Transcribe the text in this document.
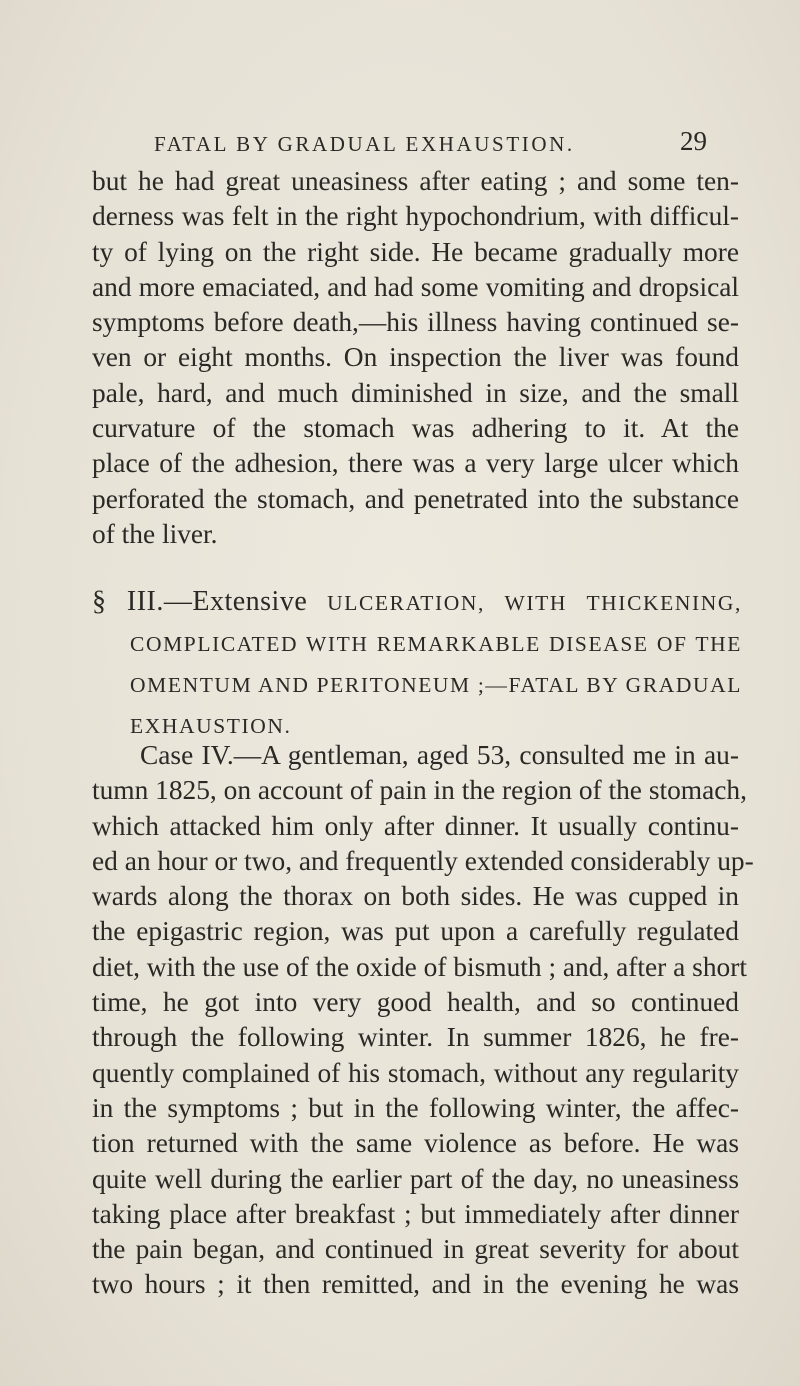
FATAL BY GRADUAL EXHAUSTION.	29
but he had great uneasiness after eating ; and some ten-
derness was felt in the right hypochondrium, with difficul-
ty of lying on the right side. He became gradually more
and more emaciated, and had some vomiting and dropsical
symptoms before death,—his illness having continued se-
ven or eight months. On inspection the liver was found
pale, hard, and much diminished in size, and the small
curvature of the stomach was adhering to it. At the
place of the adhesion, there was a very large ulcer which
perforated the stomach, and penetrated into the substance
of the liver.
§ III.—Extensive ULCERATION, WITH THICKENING,
COMPLICATED WITH REMARKABLE DISEASE OF THE
OMENTUM AND PERITONEUM ;—FATAL BY GRADUAL
EXHAUSTION.
Case IV.—A gentleman, aged 53, consulted me in au-
tumn 1825, on account of pain in the region of the stomach,
which attacked him only after dinner. It usually continu-
ed an hour or two, and frequently extended considerably up-
wards along the thorax on both sides. He was cupped in
the epigastric region, was put upon a carefully regulated
diet, with the use of the oxide of bismuth ; and, after a short
time, he got into very good health, and so continued
through the following winter. In summer 1826, he fre-
quently complained of his stomach, without any regularity
in the symptoms ; but in the following winter, the affec-
tion returned with the same violence as before. He was
quite well during the earlier part of the day, no uneasiness
taking place after breakfast ; but immediately after dinner
the pain began, and continued in great severity for about
two hours ; it then remitted, and in the evening he was
